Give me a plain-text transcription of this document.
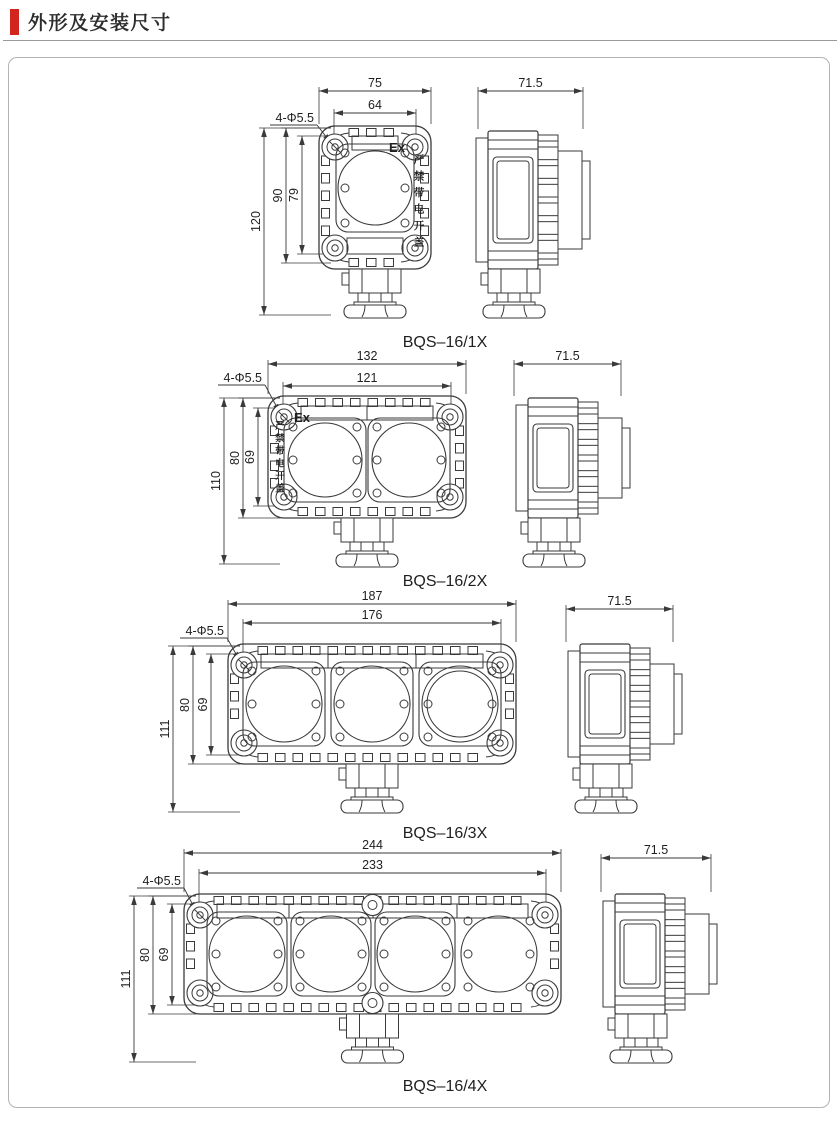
外形及安装尺寸
75
64
120
90 79
71.5
4-Φ5.5
Ex
严
禁
带
电
开
盖
BQS–16/1X
132
121
110
80 69
71.5
4-Φ5.5
Ex
严
禁
带
电
开
盖
BQS–16/2X
187
176
111
80 69
71.5
4-Φ5.5
BQS–16/3X
244
233
111
80 69
71.5
4-Φ5.5
BQS–16/4X
